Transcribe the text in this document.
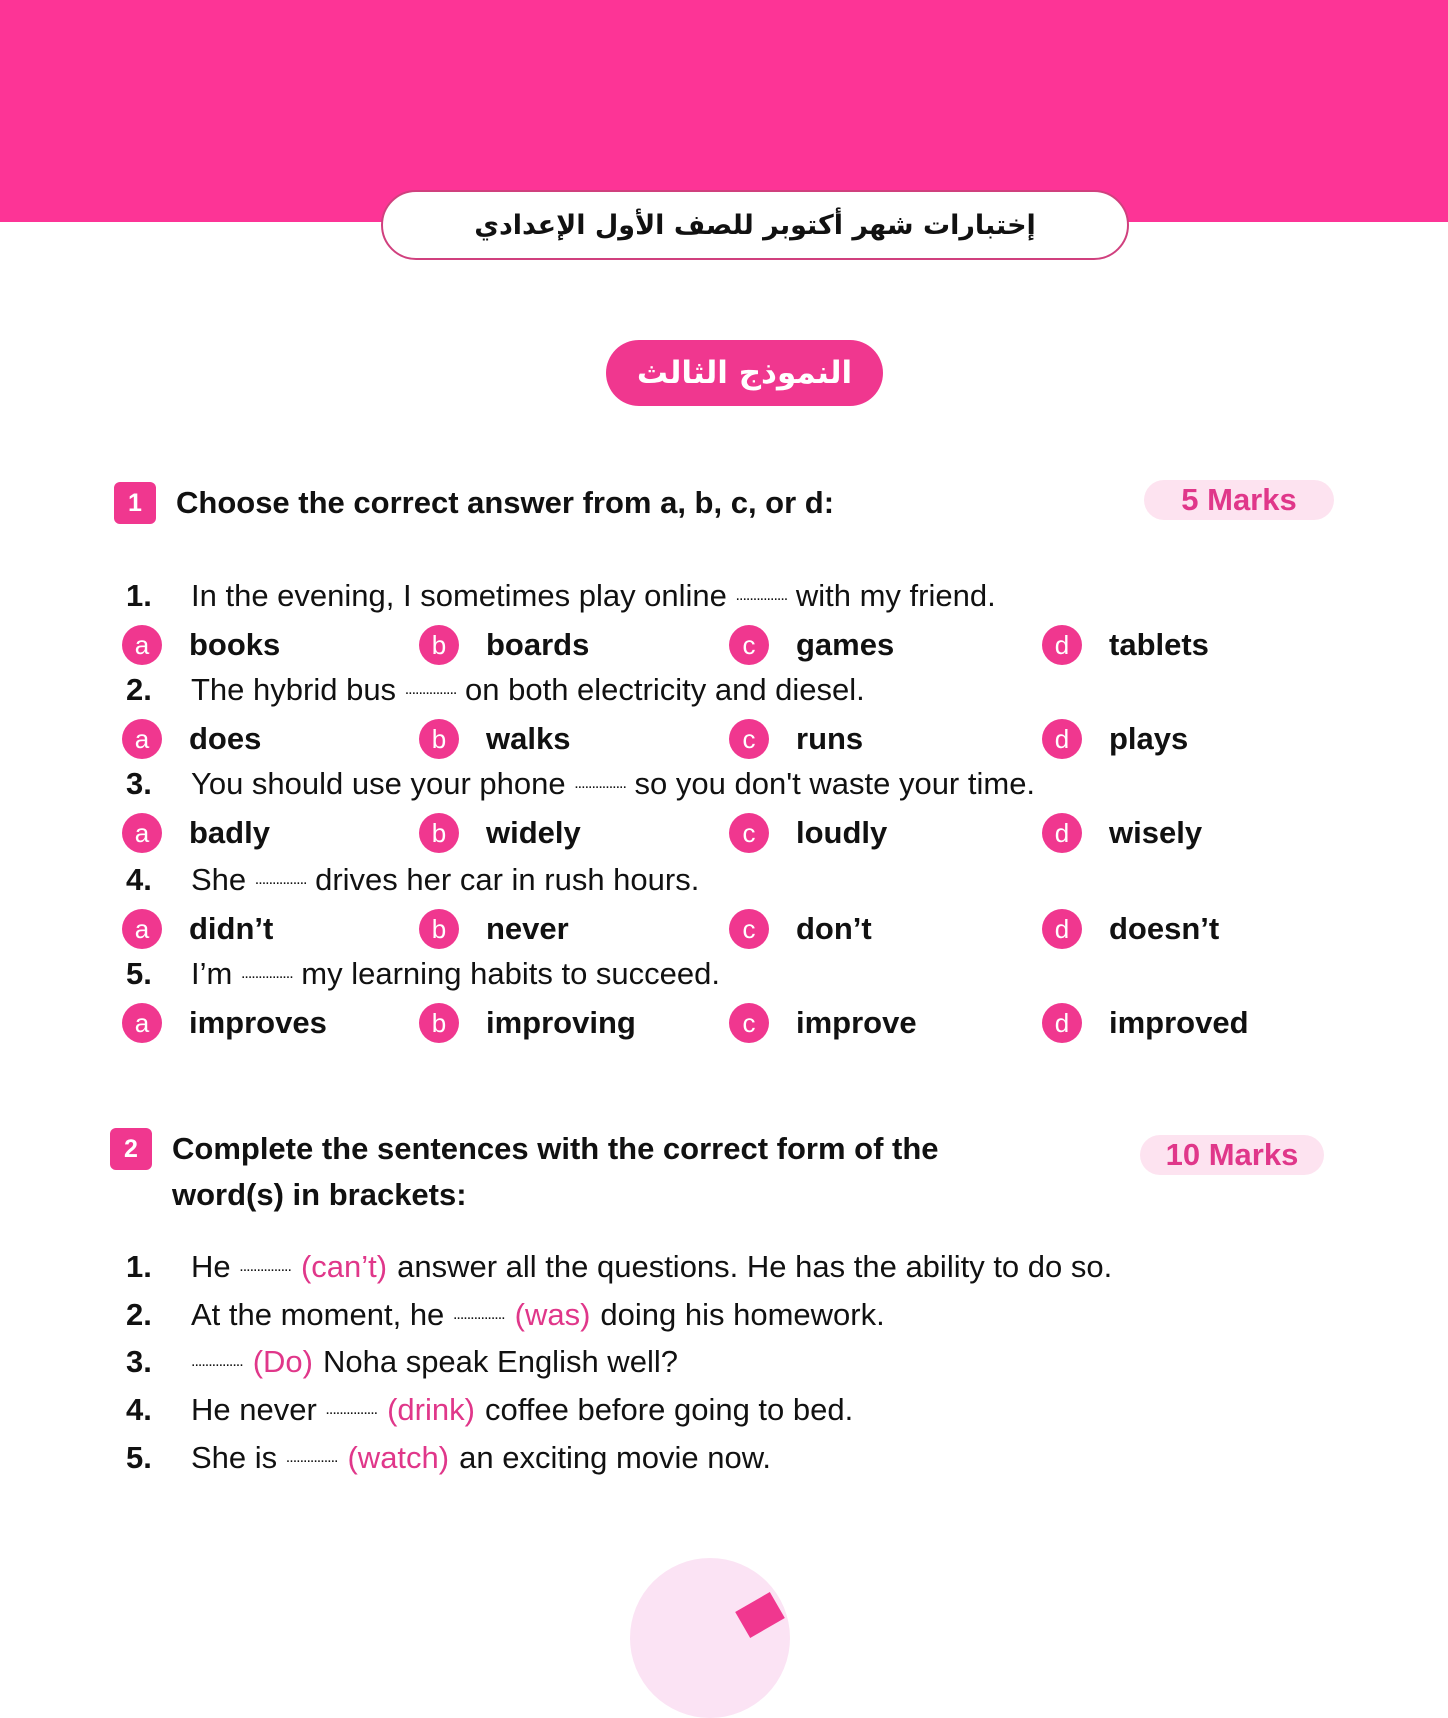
إختبارات شهر أكتوبر للصف الأول الإعدادي
النموذج الثالث
1	Choose the correct answer from a, b, c, or d:	5 Marks
1.	In the evening, I sometimes play online
...............
with my friend.
a	books	b	boards	c	games	d	tablets
2.	The hybrid bus
...............
on both electricity and diesel.
a	does	b	walks	c	runs	d	plays
3.	You should use your phone
...............
so you don't waste your time.
a	badly	b	widely	c	loudly	d	wisely
4.	She
...............
drives her car in rush hours.
a	didn’t	b	never	c	don’t	d	doesn’t
5.	I’m
...............
my learning habits to succeed.
a	improves	b	improving	c	improve	d	improved
2	Complete the sentences with the correct form of the
word(s) in brackets:
10 Marks
1.	He
............... (can’t) answer all the questions. He has the ability to do so.
2.	At the moment, he
............... (was) doing his homework.
3.	............... (Do) Noha speak English well?
4.	He never
............... (drink) coffee before going to bed.
5.	She is
............... (watch) an exciting movie now.
